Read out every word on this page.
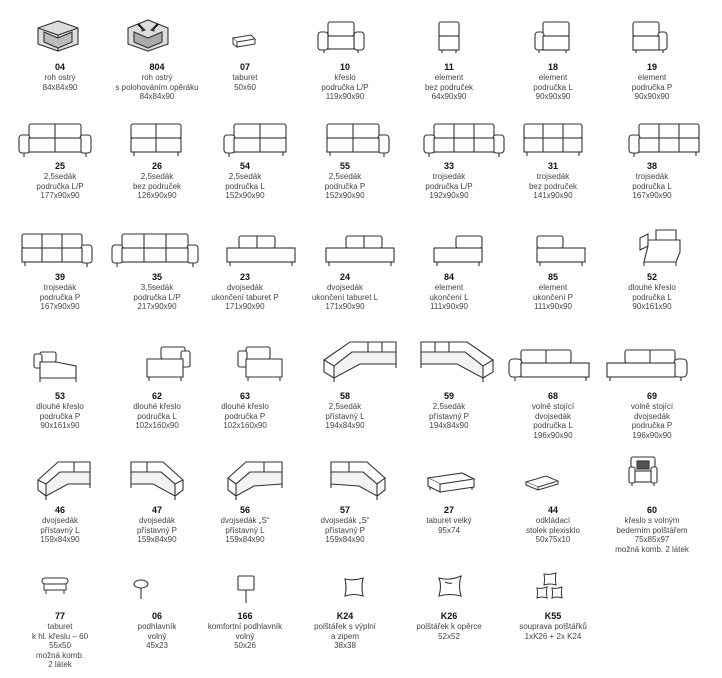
04
roh ostrý
84x84x90
804
roh ostrý
s polohováním opěráku
84x84x90
07
taburet
50x60
10
křeslo
područka L/P
119x90x90
11
element
bez područek
64x90x90
18
element
područka L
90x90x90
19
element
područka P
90x90x90
25
2,5sedák
područka L/P
177x90x90
26
2,5sedák
bez područek
126x90x90
54
2,5sedák
područka L
152x90x90
55
2,5sedák
područka P
152x90x90
33
trojsedák
područka L/P
192x90x90
31
trojsedák
bez područek
141x90x90
38
trojsedák
područka L
167x90x90
39
trojsedák
područka P
167x90x90
35
3,5sedák
područka L/P
217x90x90
23
dvojsedák
ukončení taburet P
171x90x90
24
dvojsedák
ukončení taburet L
171x90x90
84
element
ukončení L
111x90x90
85
element
ukončení P
111x90x90
52
dlouhé křeslo
područka L
90x161x90
53
dlouhé křeslo
područka P
90x161x90
62
dlouhé křeslo
područka L
102x160x90
63
dlouhé křeslo
područka P
102x160x90
58
2,5sedák
přístavný L
194x84x90
59
2,5sedák
přístavný P
194x84x90
68
volně stojící
dvojsedák
područka L
196x90x90
69
volně stojící
dvojsedák
područka P
196x90x90
46
dvojsedák
přístavný L
159x84x90
47
dvojsedák
přístavný P
159x84x90
56
dvojsedák „S“
přístavný L
159x84x90
57
dvojsedák „S“
přístavný P
159x84x90
27
taburet velký
95x74
44
odkládací
stolek plexisklo
50x75x10
60
křeslo s volným
bederním polštářem
75x85x97
možná komb. 2 látek
77
taburet
k hl. křeslu – 60
55x50
možná komb.
2 látek
06
podhlavník
volný
45x23
166
komfortní podhlavník
volný
50x26
K24
polštářek s výplní
a zipem
38x38
K26
polštářek k opěrce
52x52
K55
souprava polštářků
1xK26 + 2x K24
